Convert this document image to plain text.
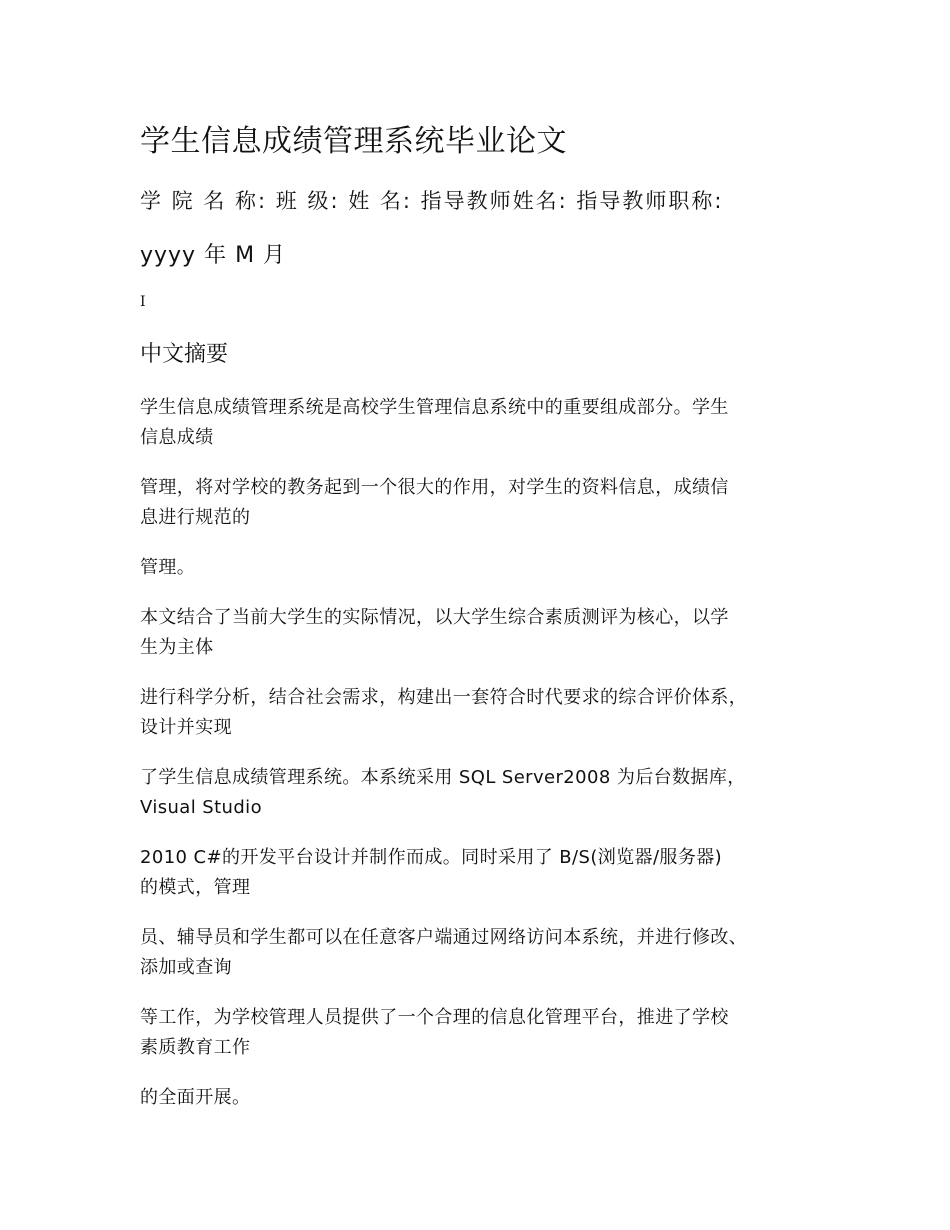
学生信息成绩管理系统毕业论文
学 院 名 称: 班 级: 姓 名: 指导教师姓名: 指导教师职称:
yyyy 年 M 月
I
中文摘要
学生信息成绩管理系统是高校学生管理信息系统中的重要组成部分。学生
信息成绩
管理，将对学校的教务起到一个很大的作用，对学生的资料信息，成绩信
息进行规范的
管理。
本文结合了当前大学生的实际情况，以大学生综合素质测评为核心，以学
生为主体
进行科学分析，结合社会需求，构建出一套符合时代要求的综合评价体系，
设计并实现
了学生信息成绩管理系统。本系统采用 SQL Server2008 为后台数据库，
Visual Studio
2010 C#的开发平台设计并制作而成。同时采用了 B/S(浏览器/服务器)
的模式，管理
员、辅导员和学生都可以在任意客户端通过网络访问本系统，并进行修改、
添加或查询
等工作，为学校管理人员提供了一个合理的信息化管理平台，推进了学校
素质教育工作
的全面开展。
